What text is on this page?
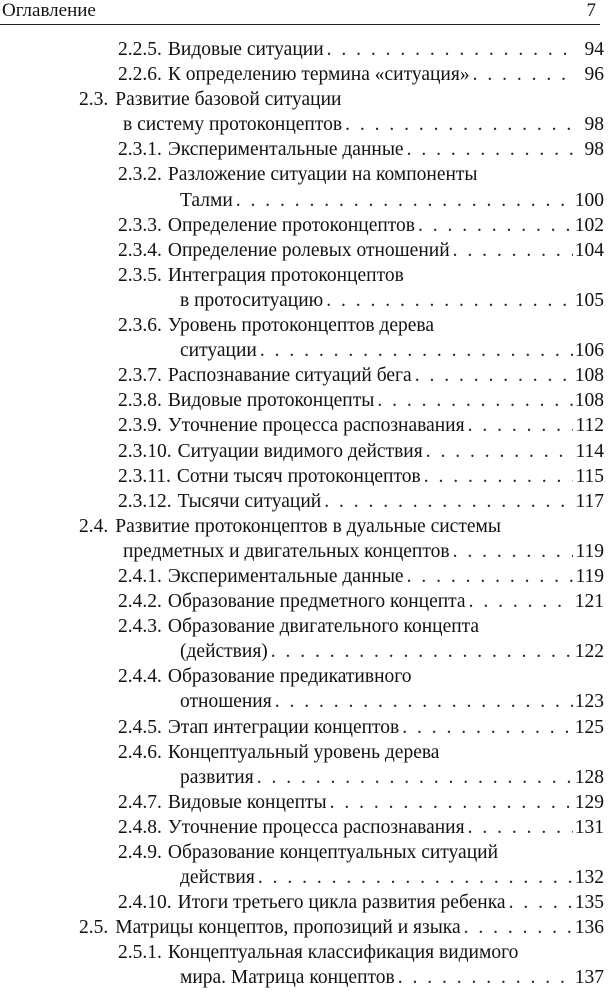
Оглавление	7
2.2.5. Видовые ситуации . . .	94
2.2.6. К определению термина «ситуация» . . .	96
2.3. Развитие базовой ситуации
в систему протоконцептов . . .	98
2.3.1. Экспериментальные данные . . .	98
2.3.2. Разложение ситуации на компоненты
Талми . . .	100
2.3.3. Определение протоконцептов . . .	102
2.3.4. Определение ролевых отношений . . .	104
2.3.5. Интеграция протоконцептов
в протоситуацию . . .	105
2.3.6. Уровень протоконцептов дерева
ситуации . . .	106
2.3.7. Распознавание ситуаций бега . . .	108
2.3.8. Видовые протоконцепты . . .	108
2.3.9. Уточнение процесса распознавания . . .	112
2.3.10. Ситуации видимого действия . . .	114
2.3.11. Сотни тысяч протоконцептов . . .	115
2.3.12. Тысячи ситуаций . . .	117
2.4. Развитие протоконцептов в дуальные системы
предметных и двигательных концептов . . .	119
2.4.1. Экспериментальные данные . . .	119
2.4.2. Образование предметного концепта . . .	121
2.4.3. Образование двигательного концепта
(действия) . . .	122
2.4.4. Образование предикативного
отношения . . .	123
2.4.5. Этап интеграции концептов . . .	125
2.4.6. Концептуальный уровень дерева
развития . . .	128
2.4.7. Видовые концепты . . .	129
2.4.8. Уточнение процесса распознавания . . .	131
2.4.9. Образование концептуальных ситуаций
действия . . .	132
2.4.10. Итоги третьего цикла развития ребенка . . .	135
2.5. Матрицы концептов, пропозиций и языка . . .	136
2.5.1. Концептуальная классификация видимого
мира. Матрица концептов . . .	137
